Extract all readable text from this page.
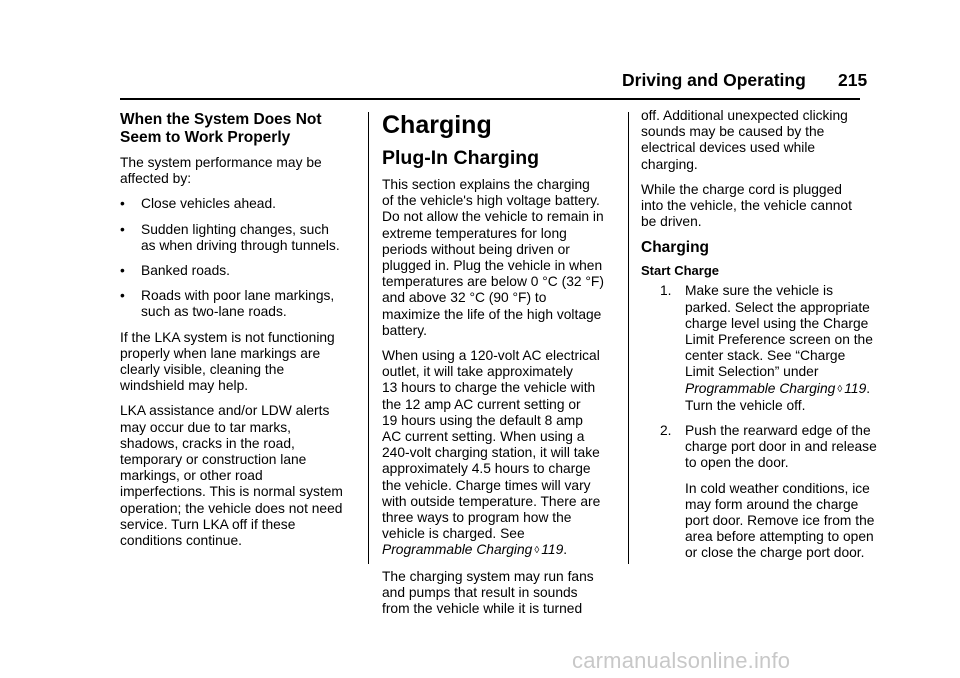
Driving and Operating 215
When the System Does Not
Seem to Work Properly

The system performance may be
affected by:

• Close vehicles ahead.
• Sudden lighting changes, such
as when driving through tunnels.
• Banked roads.
• Roads with poor lane markings,
such as two-lane roads.

If the LKA system is not functioning
properly when lane markings are
clearly visible, cleaning the
windshield may help.

LKA assistance and/or LDW alerts
may occur due to tar marks,
shadows, cracks in the road,
temporary or construction lane
markings, or other road
imperfections. This is normal system
operation; the vehicle does not need
service. Turn LKA off if these
conditions continue.

Charging
Plug-In Charging

This section explains the charging
of the vehicle's high voltage battery.
Do not allow the vehicle to remain in
extreme temperatures for long
periods without being driven or
plugged in. Plug the vehicle in when
temperatures are below 0 °C (32 °F)
and above 32 °C (90 °F) to
maximize the life of the high voltage
battery.

When using a 120-volt AC electrical
outlet, it will take approximately
13 hours to charge the vehicle with
the 12 amp AC current setting or
19 hours using the default 8 amp
AC current setting. When using a
240-volt charging station, it will take
approximately 4.5 hours to charge
the vehicle. Charge times will vary
with outside temperature. There are
three ways to program how the
vehicle is charged. See
Programmable Charging ◊ 119.

The charging system may run fans
and pumps that result in sounds
from the vehicle while it is turned

off. Additional unexpected clicking
sounds may be caused by the
electrical devices used while
charging.

While the charge cord is plugged
into the vehicle, the vehicle cannot
be driven.

Charging
Start Charge
1. Make sure the vehicle is
parked. Select the appropriate
charge level using the Charge
Limit Preference screen on the
center stack. See “Charge
Limit Selection” under
Programmable Charging ◊ 119.
Turn the vehicle off.
2. Push the rearward edge of the
charge port door in and release
to open the door.
In cold weather conditions, ice
may form around the charge
port door. Remove ice from the
area before attempting to open
or close the charge port door.
carmanualsonline.info
